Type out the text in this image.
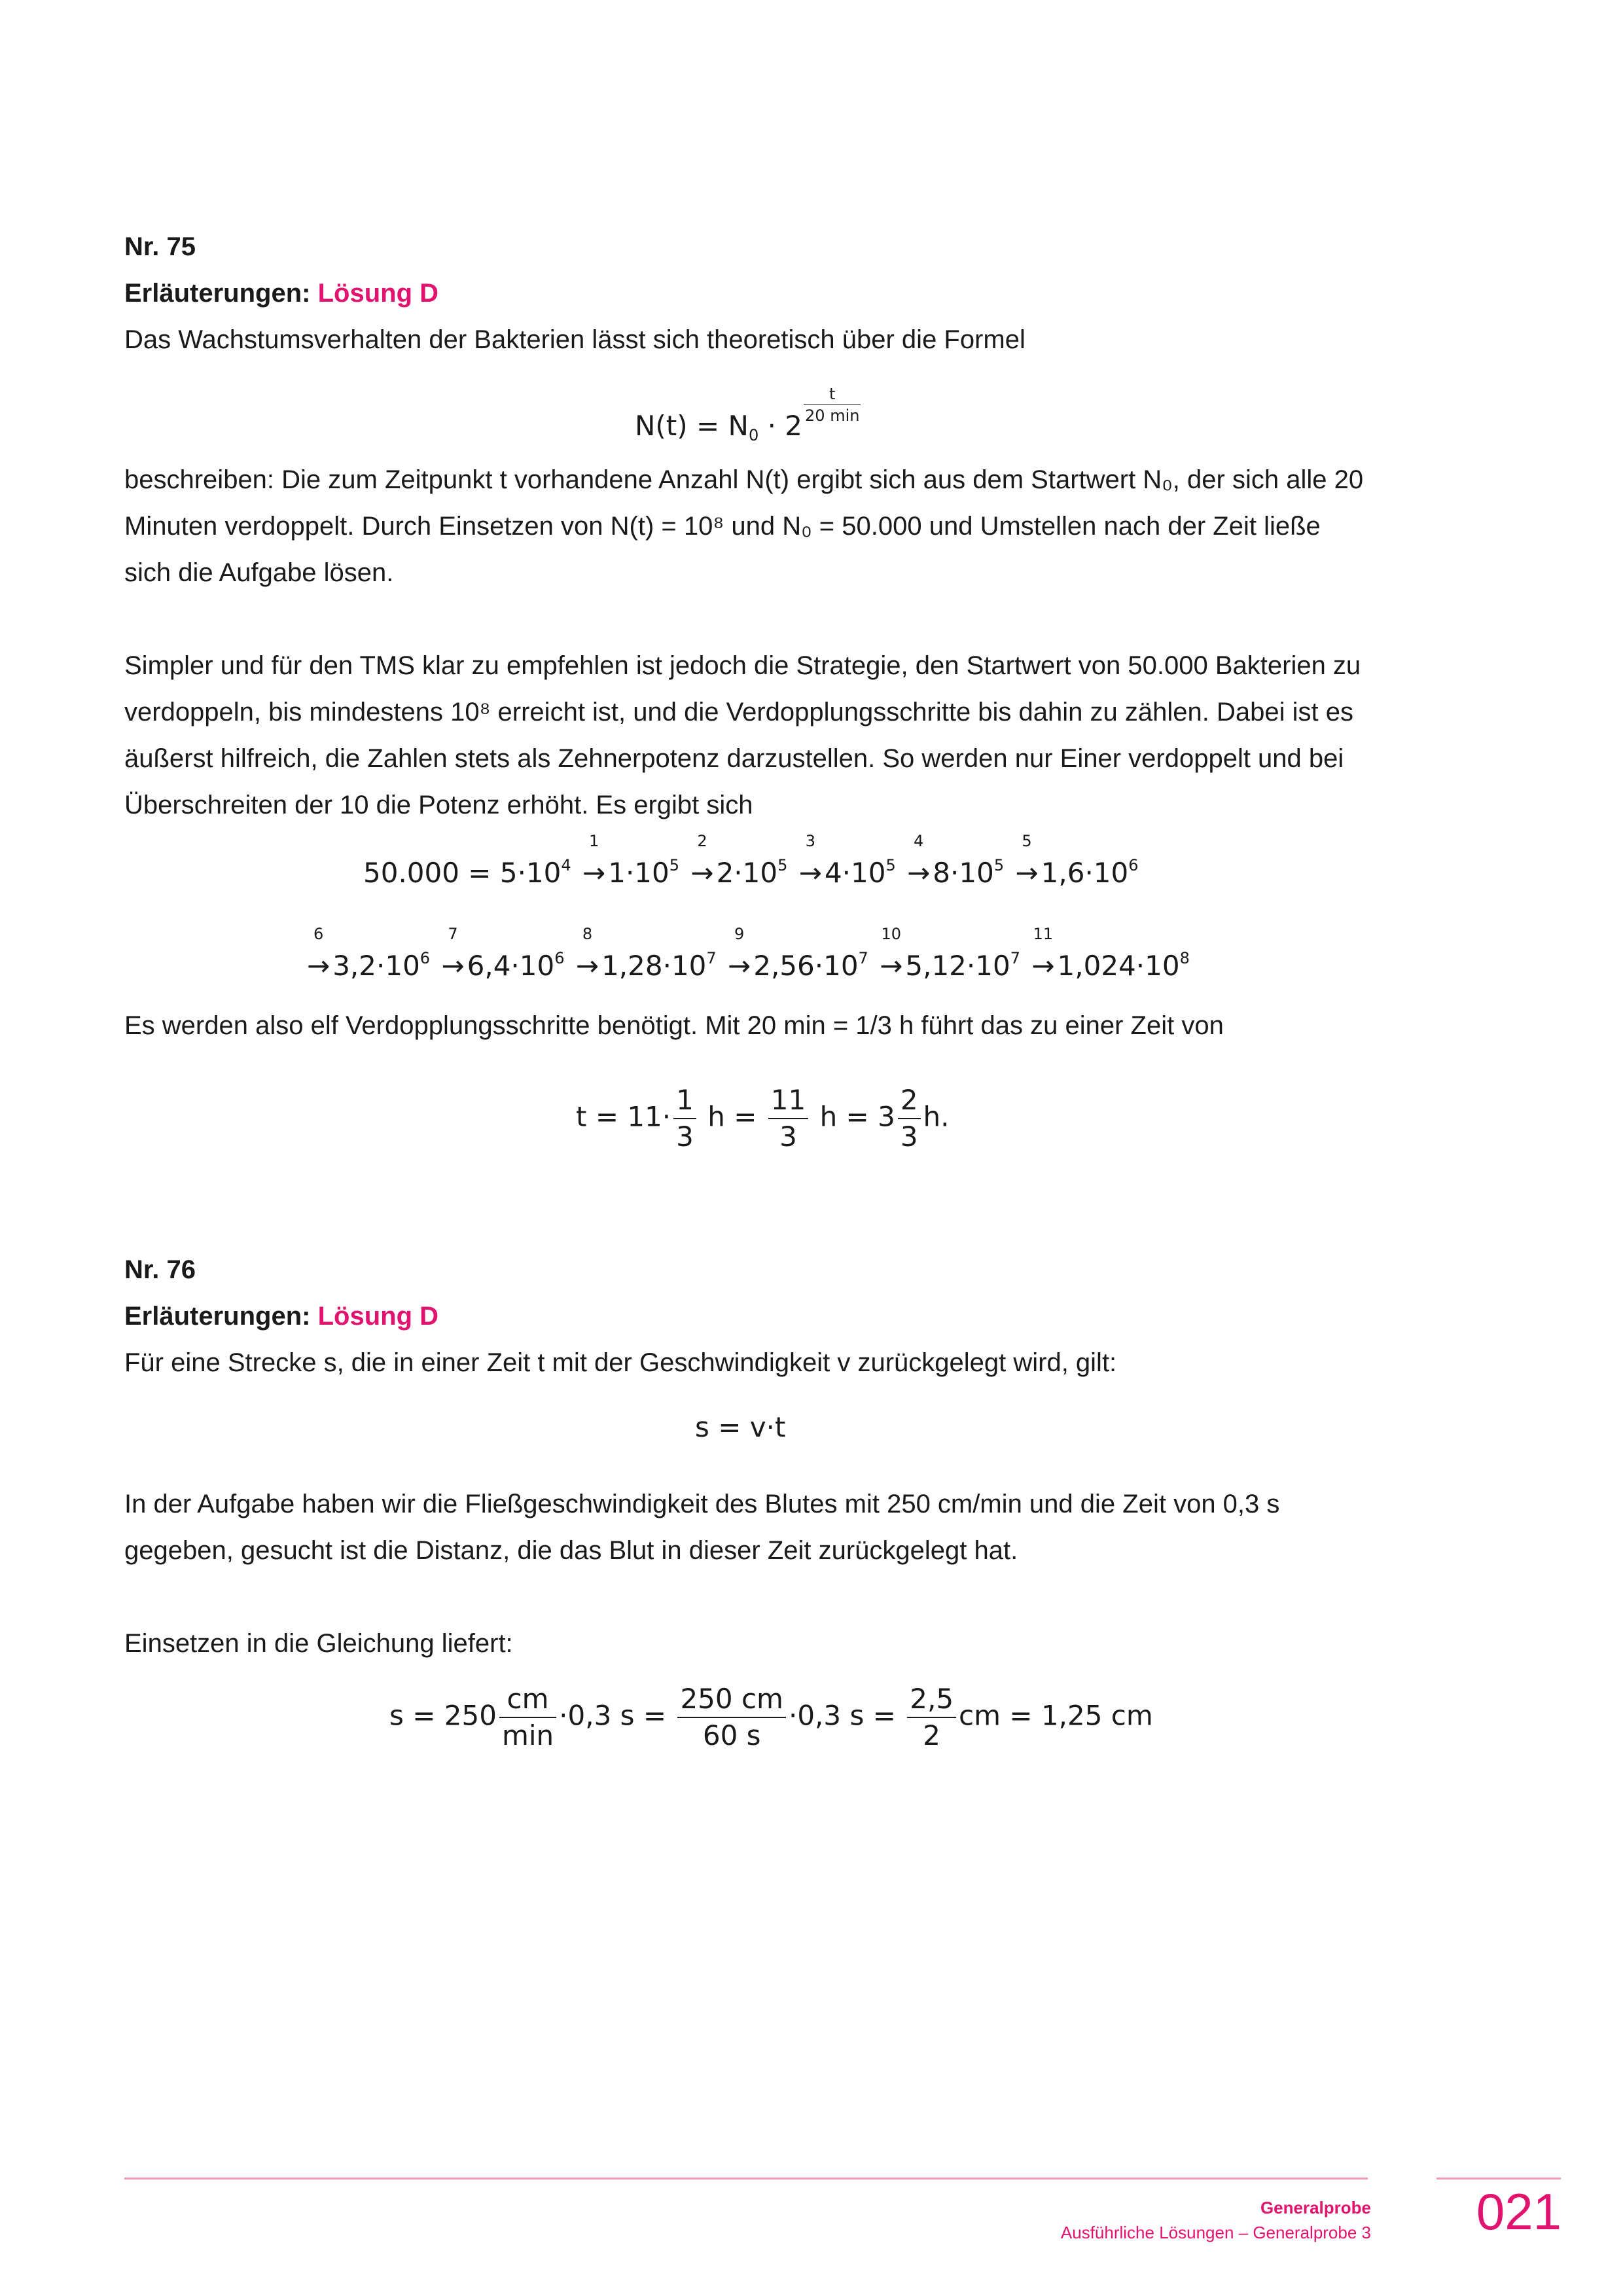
Nr. 75
Erläuterungen: Lösung D
Das Wachstumsverhalten der Bakterien lässt sich theoretisch über die Formel
$N(t) = N_0 \cdot 2$
$\frac{t}{20 \min}$
beschreiben: Die zum Zeitpunkt t vorhandene Anzahl N(t) ergibt sich aus dem Startwert N₀, der sich alle 20 Minuten verdoppelt. Durch Einsetzen von N(t) = 10⁸ und N₀ = 50.000 und Umstellen nach der Zeit ließe sich die Aufgabe lösen.
Simpler und für den TMS klar zu empfehlen ist jedoch die Strategie, den Startwert von 50.000 Bakterien zu verdoppeln, bis mindestens 10⁸ erreicht ist, und die Verdopplungsschritte bis dahin zu zählen. Dabei ist es äußerst hilfreich, die Zahlen stets als Zehnerpotenz darzustellen. So werden nur Einer verdoppelt und bei Überschreiten der 10 die Potenz erhöht. Es ergibt sich
$50.000 = 5\cdot 10^4$
1
$\to 1\cdot 10^5$
2
$\to 2\cdot 10^5$
3
$\to 4\cdot 10^5$
4
$\to 8\cdot 10^5$
5
$\to 1,6\cdot 10^6$
6
$\to 3,2\cdot 10^6$
7
$\to 6,4\cdot 10^6$
8
$\to 1,28\cdot 10^7$
9
$\to 2,56\cdot 10^7$
10
$\to 5,12\cdot 10^7$
11
$\to 1,024\cdot 10^8$
Es werden also elf Verdopplungsschritte benötigt. Mit 20 min = 1/3 h führt das zu einer Zeit von
$t = 11\cdot \frac{1}{3}$ $h = \frac{11}{3}$ $h = 3 \frac{2}{3} h$.
Nr. 76
Erläuterungen: Lösung D
Für eine Strecke s, die in einer Zeit t mit der Geschwindigkeit v zurückgelegt wird, gilt:
s = v·t
In der Aufgabe haben wir die Fließgeschwindigkeit des Blutes mit 250 cm/min und die Zeit von 0,3 s gegeben, gesucht ist die Distanz, die das Blut in dieser Zeit zurückgelegt hat.
Einsetzen in die Gleichung liefert:
$s = 250 \frac{cm}{\min} \cdot 0,3$ $s = \frac{250 cm}{60 s} \cdot 0,3$ $s = \frac{2,5}{2}$ cm = 1,25 cm
Generalprobe
Ausführliche Lösungen – Generalprobe 3	021
